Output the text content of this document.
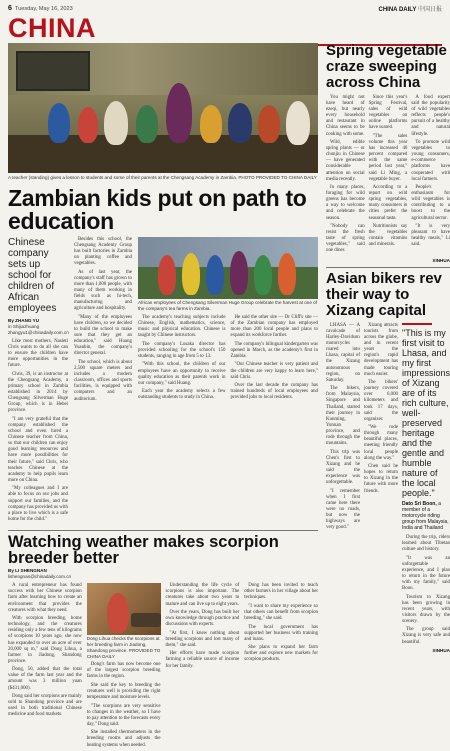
6 Tuesday, May 16, 2023	CHINA DAILY 中国日报
CHINA
A teacher (standing) gives a lesson to students and some of their parents at the Chengsang Academy in Zambia. PHOTO PROVIDED TO CHINA DAILY
Zambian kids put on path to education
Chinese company sets up school for children of African employees
By ZHANG YU
in Shijiazhuang zhangyu1@chinadaily.com.cn

Like most mothers, Nasieti Chris wants to do all she can to ensure the children have more opportunities in the future.

Chris, 39, is an instructor at the Chengsang Academy, a primary school in Zambia established in 2014 by Chengsang Silverman Huge Group, which is in Hebei province.

"I am very grateful that the company established the school and even hired a Chinese teacher from China, so that our children can enjoy good learning resources and have more possibilities for their future," said Chris, who teaches Chinese at the academy to help pupils learn more on China.

"My colleagues and I are able to focus on our jobs and support our families, and the company has provided us with a place to live which is a safe home for the child."

Besides this school, the Chengsang Academy Group has built factories in Zambia on planting coffee and vegetables.

As of last year, the company's staff has grown to more than 1,000 people, with many of them working in fields such as hi-tech, manufacturing and agriculture and hospitality.

"Many of the employees have children, so we decided to build the school to make sure that they get an education," said Huang Yuanbin, the company's director general.

The school, which is about 2,500 square meters and includes a modern classroom, offices and sports facilities, is equipped with computers and an auditorium.

African employees of Chengsang Silverman Huge Group celebrate the harvest at one of the company's tea farms in Zambia.

The academy's teaching subjects include Chinese, English, mathematics, science, music and physical education. Chinese is taught by Chinese instructors.

The company's Lusaka director has provided schooling for the school's 150 students, ranging in age from 5 to 13.

"With this school, the children of our employees have an opportunity to receive quality education as their parents work in our company," said Huang.

Each year the academy selects a few outstanding students to study in China.

He said the other site — Dr Cliff's site — of the Zambian company has employed more than 200 local people and plans to expand its workforce further.

The company's bilingual kindergarten was opened in March, as the academy's first in Zambia.

"Our Chinese teacher is very patient and the children are very happy to learn here," said Chris.

Over the last decade the company has trained hundreds of local employees and provided jobs to local residents.

Watching weather makes scorpion breeder better
By LI SHENGNAN
lishengnan@chinadaily.com.cn

A rural entrepreneur has found success with her Chinese scorpion farm after learning how to create an environment that provides the creatures with what they need.

With scorpion breeding, home technology, and the creatures residing only a few tens of kilograms of scorpions 10 years ago, she now has expanded to over an acre of ever 20,000 sq m," said Dong Lihua, a farmer in Jiadong, Shandong province.

Dong, 50, added that the total value of the farm last year and the amount was 3 million yuan ($431,000).

Dong said her scorpions are mainly sold to Shandong province and are used in both traditional Chinese medicine and food markets.

Dong Lihua checks the scorpions at her breeding farm in Jiadong, Shandong province. PROVIDED TO CHINA DAILY

Dong's farm has now become one of the largest scorpion breeding farms in the region.

She said the key to breeding the creatures well is providing the right temperature and moisture levels.

"The scorpions are very sensitive to changes in the weather, so I have to pay attention to the forecasts every day," Dong said.

She installed thermometers in the breeding rooms and adjusts the heating systems when needed.

Understanding the life cycle of scorpions is also important. The creatures take about two years to mature and can live up to eight years.

Over the years, Dong has built her own knowledge through practice and discussions with experts.

"At first, I knew nothing about breeding scorpions and lost many of them," she said.

Her efforts have made scorpion farming a reliable source of income for her family.

Dong has been invited to teach other farmers in her village about her techniques.

"I want to share my experience so that others can benefit from scorpion breeding," she said.

The local government has supported her business with training and loans.

She plans to expand her farm further and explore new markets for scorpion products.

Spring vegetable craze sweeping across China

You might not have heard of ezeqi, but nearly every household and restaurant in China seems to be cooking with some.

Wild, edible spring plants — or chunjiu in Chinese — have generated considerable attention on social media recently.

In many places, foraging for wild greens has become a way to welcome and celebrate the season.

"Nobody can resist the fresh taste of spring vegetables," said one diner.

Since this year's Spring Festival, sales of wild vegetables on online platforms have soared.

"The sales volume this year has increased 40 percent compared with the same period last year," said Li Ming, a vegetable buyer.

According to a report on wild spring vegetables, many consumers in cities prefer the seasonal taste.

Nutritionists say the vegetables contain vitamins and minerals.

A food expert said the popularity of wild vegetables reflects people's pursuit of a healthy and natural lifestyle.

To promote wild vegetables to young consumers, e-commerce platforms have cooperated with local farmers.

People's enthusiasm for wild vegetables is contributing to a boost to the agricultural sector.

"It is very pleasant to have healthy meals," Li said.

XINHUA
Asian bikers rev their way to Xizang capital

LHASA — A cavalcade of Harley-Davidson motorcycles roared into Lhasa, capital of the Xizang autonomous region, on Saturday.

The bikers, from Malaysia, Singapore and Thailand, started their journey in Kunming, Yunnan province, and rode through the mountains.

This trip was Chen's first to Xizang and he said the experience was unforgettable.

"I remember when I first came here there were no roads, but now the highways are very good."

Xizang attracts tourists from across the globe, and in recent years the region's rapid development has made touring much easier.

The bikers' journey covered over 6,000 kilometers and took 17 days, said the organizer.

"We rode through many beautiful places, meeting friendly local people along the way."

Chen said he hopes to return to Xizang in the future with more friends.

"This is my first visit to Lhasa, and my first impressions of Xizang are of its rich culture, well-preserved heritage and the gentle and humble nature of the local people."
Dato Sri Boon, a member of a motorcycle riding group from Malaysia, India and Thailand

During the trip, riders learned about Tibetan culture and history.

"It was an unforgettable experience, and I plan to return in the future with my family," said Boon.

Tourism to Xizang has been growing in recent years, with visitors drawn by the scenery.

The group said Xizang is very safe and beautiful.

XINHUA
